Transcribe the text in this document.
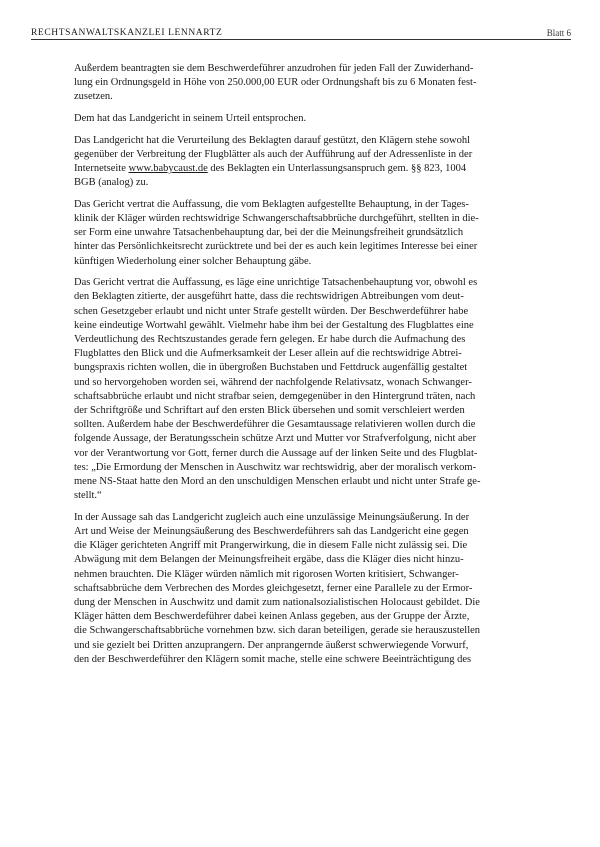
RECHTSANWALTSKANZLEI LENNARTZ	Blatt 6

Außerdem beantragten sie dem Beschwerdeführer anzudrohen für jeden Fall der Zuwiderhand-
lung ein Ordnungsgeld in Höhe von 250.000,00 EUR oder Ordnungshaft bis zu 6 Monaten fest-
zusetzen.

Dem hat das Landgericht in seinem Urteil entsprochen.

Das Landgericht hat die Verurteilung des Beklagten darauf gestützt, den Klägern stehe sowohl
gegenüber der Verbreitung der Flugblätter als auch der Aufführung auf der Adressenliste in der
Internetseite www.babycaust.de des Beklagten ein Unterlassungsanspruch gem. §§ 823, 1004
BGB (analog) zu.

Das Gericht vertrat die Auffassung, die vom Beklagten aufgestellte Behauptung, in der Tages-
klinik der Kläger würden rechtswidrige Schwangerschaftsabbrüche durchgeführt, stellten in die-
ser Form eine unwahre Tatsachenbehauptung dar, bei der die Meinungsfreiheit grundsätzlich
hinter das Persönlichkeitsrecht zurücktrete und bei der es auch kein legitimes Interesse bei einer
künftigen Wiederholung einer solcher Behauptung gäbe.

Das Gericht vertrat die Auffassung, es läge eine unrichtige Tatsachenbehauptung vor, obwohl es
den Beklagten zitierte, der ausgeführt hatte, dass die rechtswidrigen Abtreibungen vom deut-
schen Gesetzgeber erlaubt und nicht unter Strafe gestellt würden. Der Beschwerdeführer habe
keine eindeutige Wortwahl gewählt. Vielmehr habe ihm bei der Gestaltung des Flugblattes eine
Verdeutlichung des Rechtszustandes gerade fern gelegen. Er habe durch die Aufmachung des
Flugblattes den Blick und die Aufmerksamkeit der Leser allein auf die rechtswidrige Abtrei-
bungspraxis richten wollen, die in übergroßen Buchstaben und Fettdruck augenfällig gestaltet
und so hervorgehoben worden sei, während der nachfolgende Relativsatz, wonach Schwanger-
schaftsabbrüche erlaubt und nicht strafbar seien, demgegenüber in den Hintergrund träten, nach
der Schriftgröße und Schriftart auf den ersten Blick übersehen und somit verschleiert werden
sollten. Außerdem habe der Beschwerdeführer die Gesamtaussage relativieren wollen durch die
folgende Aussage, der Beratungsschein schütze Arzt und Mutter vor Strafverfolgung, nicht aber
vor der Verantwortung vor Gott, ferner durch die Aussage auf der linken Seite und des Flugblat-
tes: „Die Ermordung der Menschen in Auschwitz war rechtswidrig, aber der moralisch verkom-
mene NS-Staat hatte den Mord an den unschuldigen Menschen erlaubt und nicht unter Strafe ge-
stellt.“

In der Aussage sah das Landgericht zugleich auch eine unzulässige Meinungsäußerung. In der
Art und Weise der Meinungsäußerung des Beschwerdeführers sah das Landgericht eine gegen
die Kläger gerichteten Angriff mit Prangerwirkung, die in diesem Falle nicht zulässig sei. Die
Abwägung mit dem Belangen der Meinungsfreiheit ergäbe, dass die Kläger dies nicht hinzu-
nehmen brauchten. Die Kläger würden nämlich mit rigorosen Worten kritisiert, Schwanger-
schaftsabbrüche dem Verbrechen des Mordes gleichgesetzt, ferner eine Parallele zu der Ermor-
dung der Menschen in Auschwitz und damit zum nationalsozialistischen Holocaust gebildet. Die
Kläger hätten dem Beschwerdeführer dabei keinen Anlass gegeben, aus der Gruppe der Ärzte,
die Schwangerschaftsabbrüche vornehmen bzw. sich daran beteiligen, gerade sie herauszustellen
und sie gezielt bei Dritten anzuprangern. Der anprangernde äußerst schwerwiegende Vorwurf,
den der Beschwerdeführer den Klägern somit mache, stelle eine schwere Beeinträchtigung des
